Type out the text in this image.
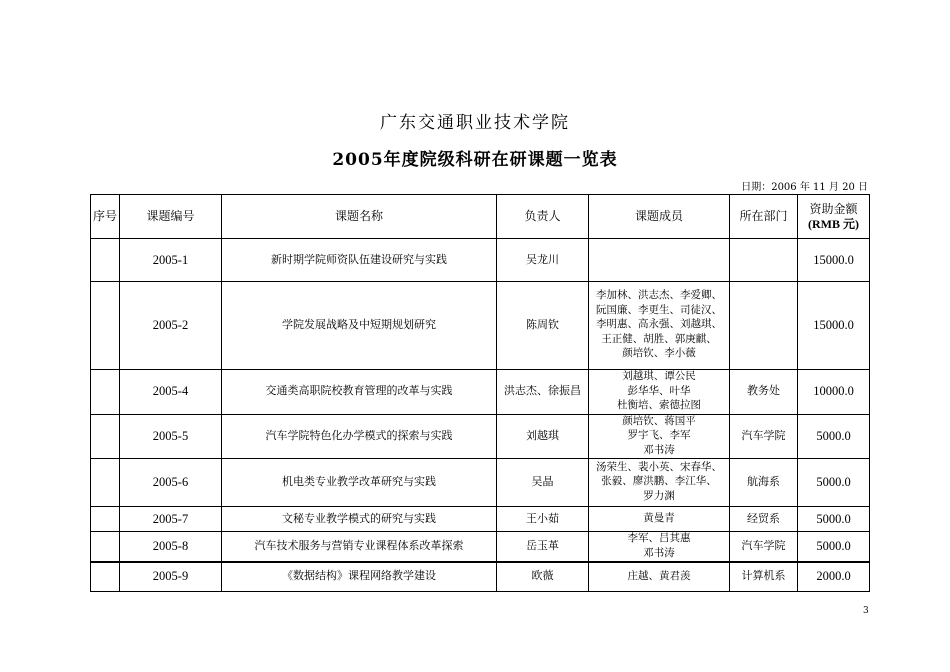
广东交通职业技术学院
2005年度院级科研在研课题一览表
日期：2006 年 11 月 20 日
序号	课题编号	课题名称	负责人	课题成员	所在部门	资助金额
(RMB 元)

	2005-1	新时期学院师资队伍建设研究与实践	吴龙川			15000.0
	2005-2	学院发展战略及中短期规划研究	陈周钦	李加林、洪志杰、李爱卿、
阮国廉、李更生、司徒汉、
李明惠、高永强、刘越琪、
王正健、胡胜、郭庚麒、
颜培钦、李小薇		15000.0
	2005-4	交通类高职院校教育管理的改革与实践	洪志杰、徐振昌	刘越琪、谭公民
彭华华、叶华
杜衡培、索德拉图	教务处	10000.0
	2005-5	汽车学院特色化办学模式的探索与实践	刘越琪	颜培钦、蒋国平
罗宇飞、李军
邓书涛	汽车学院	5000.0
	2005-6	机电类专业教学改革研究与实践	吴晶	汤荣生、裴小英、宋春华、
张毅、廖洪鹏、李江华、
罗力渊	航海系	5000.0
	2005-7	文秘专业教学模式的研究与实践	王小茹	黄曼青	经贸系	5000.0
	2005-8	汽车技术服务与营销专业课程体系改革探索	岳玉革	李军、吕其惠
邓书涛	汽车学院	5000.0
	2005-9	《数据结构》课程网络教学建设	欧薇	庄越、黄君羡	计算机系	2000.0
3
